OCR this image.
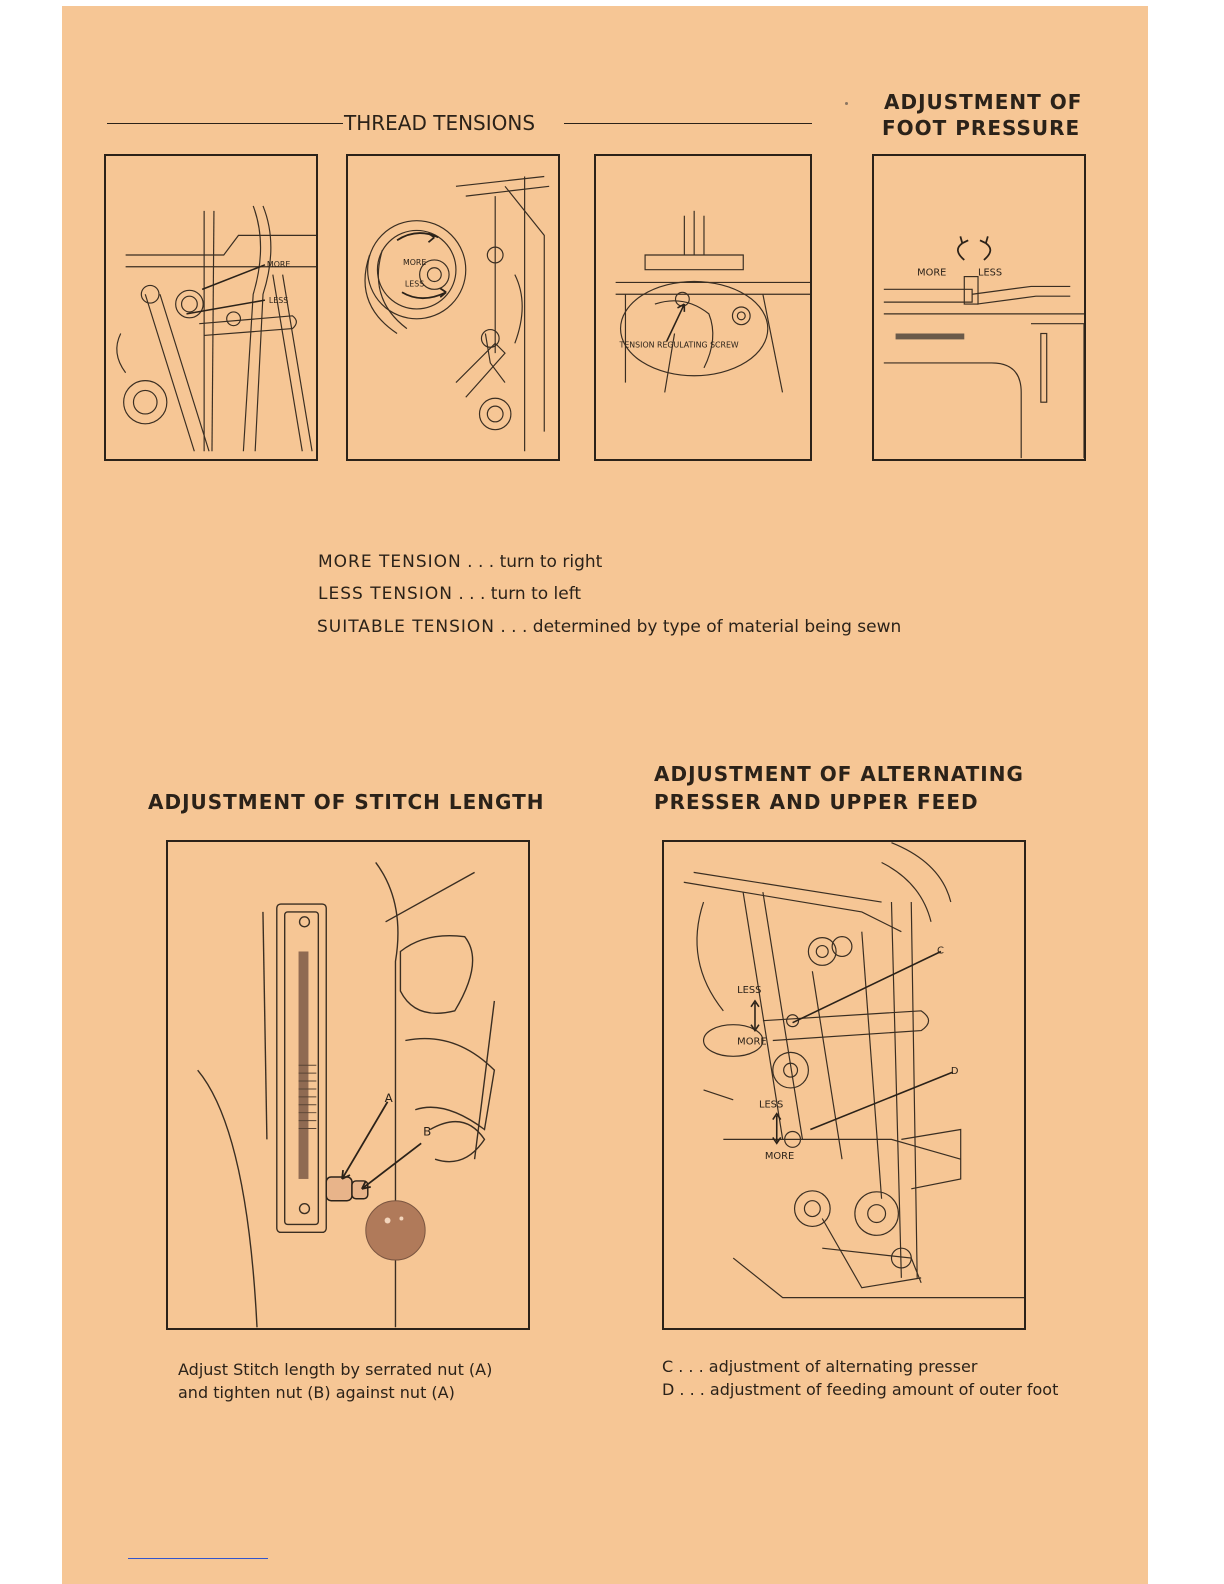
THREAD TENSIONS
ADJUSTMENT OF
FOOT PRESSURE
MORE
LESS
MORE
LESS
TENSION REGULATING SCREW
MORE	LESS
MORE TENSION . . . turn to right
LESS TENSION . . . turn to left
SUITABLE TENSION . . . determined by type of material being sewn
ADJUSTMENT OF STITCH LENGTH
A
B
Adjust Stitch length by serrated nut (A)
and tighten nut (B) against nut (A)
ADJUSTMENT OF ALTERNATING
PRESSER AND UPPER FEED
C
D
LESS
MORE
LESS
MORE
C . . . adjustment of alternating presser
D . . . adjustment of feeding amount of outer foot
